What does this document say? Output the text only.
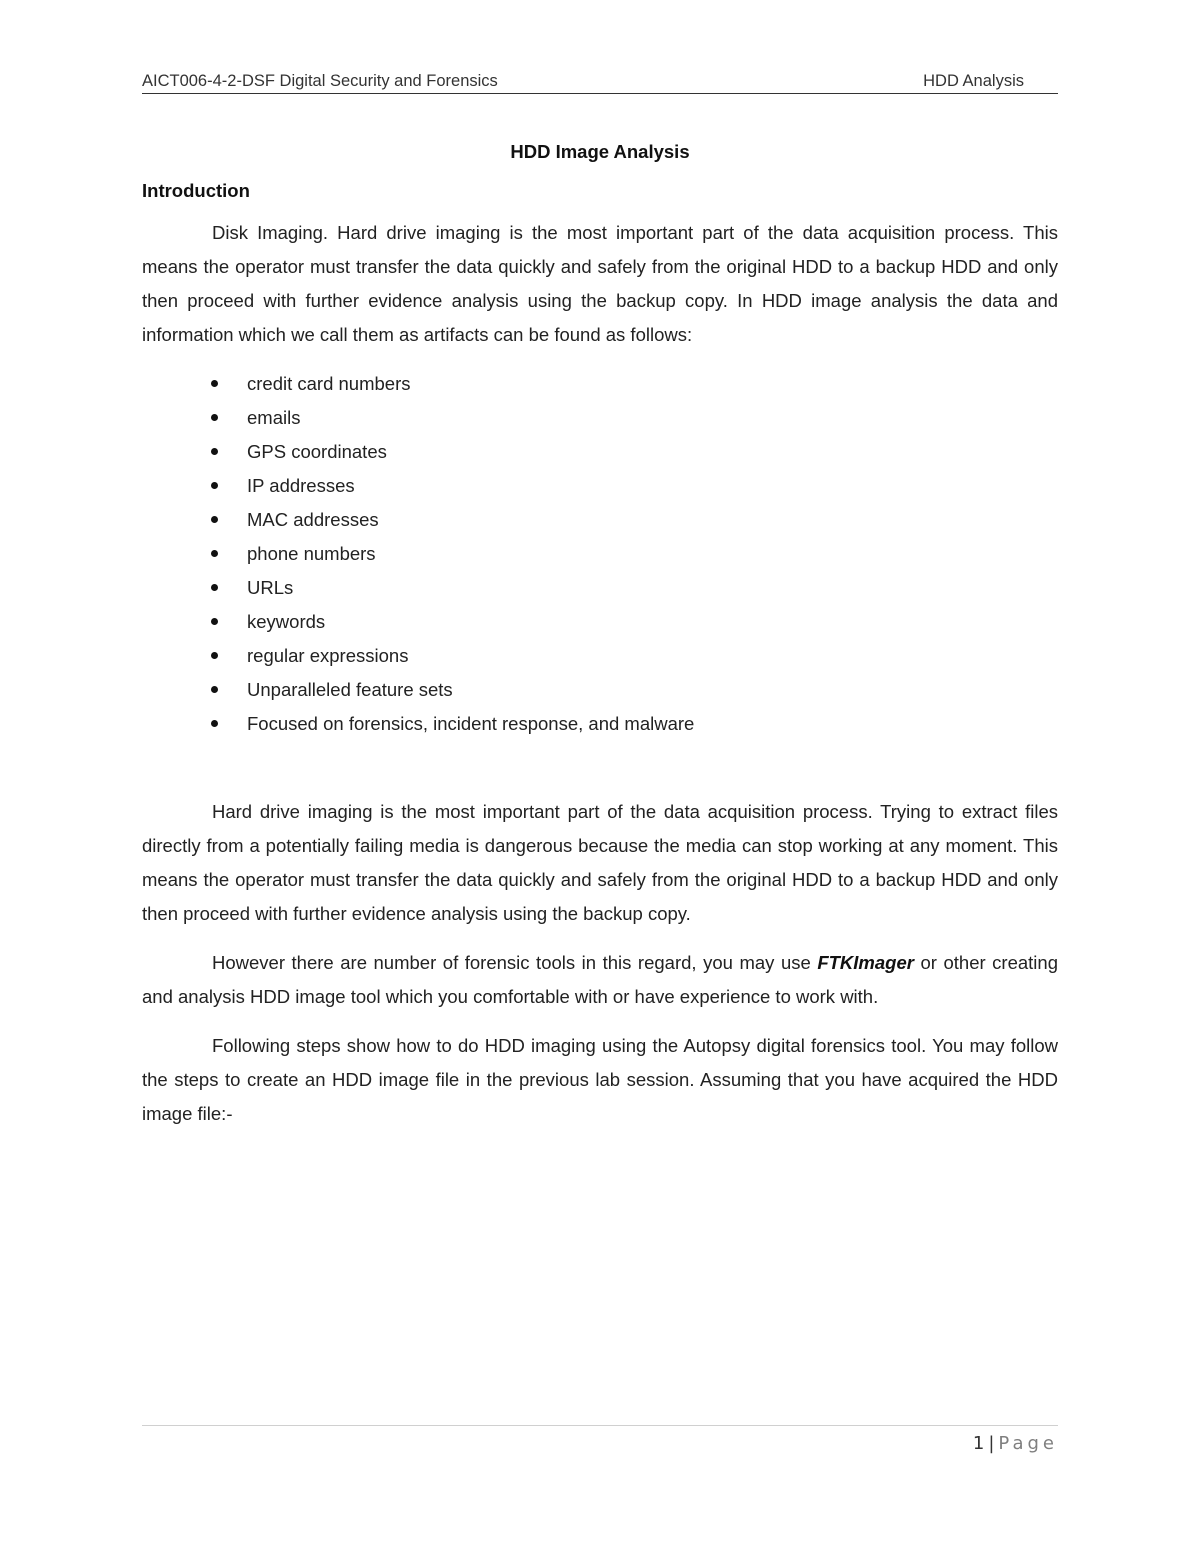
AICT006-4-2-DSF Digital Security and Forensics	HDD Analysis
HDD Image Analysis
Introduction

Disk Imaging. Hard drive imaging is the most important part of the data acquisition process. This means the operator must transfer the data quickly and safely from the original HDD to a backup HDD and only then proceed with further evidence analysis using the backup copy. In HDD image analysis the data and information which we call them as artifacts can be found as follows:

credit card numbers
emails
GPS coordinates
IP addresses
MAC addresses
phone numbers
URLs
keywords
regular expressions
Unparalleled feature sets
Focused on forensics, incident response, and malware

Hard drive imaging is the most important part of the data acquisition process. Trying to extract files directly from a potentially failing media is dangerous because the media can stop working at any moment. This means the operator must transfer the data quickly and safely from the original HDD to a backup HDD and only then proceed with further evidence analysis using the backup copy.

However there are number of forensic tools in this regard, you may use FTKImager or other creating and analysis HDD image tool which you comfortable with or have experience to work with.

Following steps show how to do HDD imaging using the Autopsy digital forensics tool. You may follow the steps to create an HDD image file in the previous lab session. Assuming that you have acquired the HDD image file:-

1 | Page
